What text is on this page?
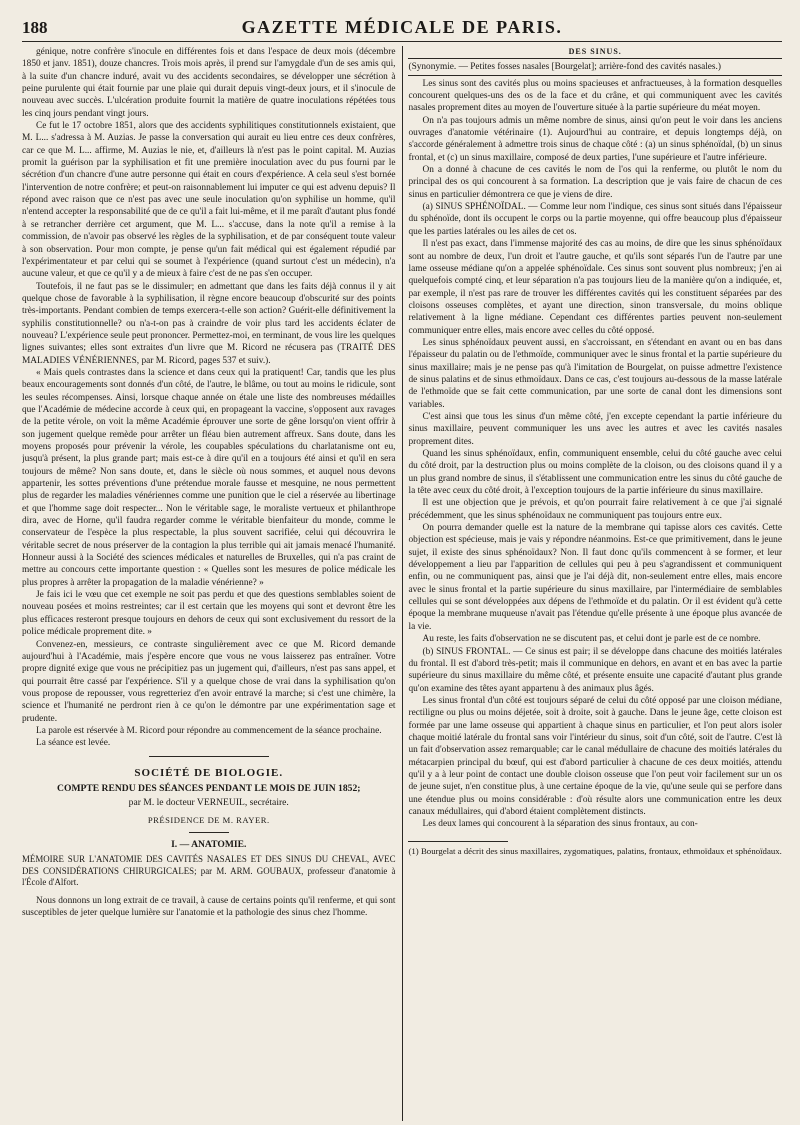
188	GAZETTE MÉDICALE DE PARIS.

génique, notre confrère s'inocule en différentes fois et dans l'espace de deux mois (décembre 1850 et janv. 1851), douze chancres. Trois mois après, il prend sur l'amygdale d'un de ses amis qui, à la suite d'un chancre induré, avait vu des accidents secondaires, se développer une sécrétion à peine purulente qui était fournie par une plaie qui durait depuis vingt-deux jours, et il s'inocule de nouveau avec succès. L'ulcération produite fournit la matière de quatre inoculations répétées tous les cinq jours pendant vingt jours.

Ce fut le 17 octobre 1851, alors que des accidents syphilitiques constitutionnels existaient, que M. L... s'adressa à M. Auzias. Je passe la conversation qui aurait eu lieu entre ces deux confrères, car ce que M. L... affirme, M. Auzias le nie, et, d'ailleurs là n'est pas le point capital. M. Auzias promit la guérison par la syphilisation et fit une première inoculation avec du pus fourni par le sécrétion d'un chancre d'une autre personne qui était en cours d'expérience. A cela seul s'est bornée l'intervention de notre confrère; et peut-on raisonnablement lui imputer ce qui est advenu depuis? Il répond avec raison que ce n'est pas avec une seule inoculation qu'on syphilise un homme, qu'il n'entend accepter la responsabilité que de ce qu'il a fait lui-même, et il me paraît d'autant plus fondé à se retrancher derrière cet argument, que M. L... s'accuse, dans la note qu'il a remise à la commission, de n'avoir pas observé les règles de la syphilisation, et de par conséquent toute valeur à son observation. Pour mon compte, je pense qu'un fait médical qui est également répudié par l'expérimentateur et par celui qui se soumet à l'expérience (quand surtout c'est un médecin), n'a aucune valeur, et que ce qu'il y a de mieux à faire c'est de ne pas s'en occuper.

Toutefois, il ne faut pas se le dissimuler; en admettant que dans les faits déjà connus il y ait quelque chose de favorable à la syphilisation, il règne encore beaucoup d'obscurité sur des points très-importants. Pendant combien de temps exercera-t-elle son action? Guérit-elle définitivement la syphilis constitutionnelle? ou n'a-t-on pas à craindre de voir plus tard les accidents éclater de nouveau? L'expérience seule peut prononcer. Permettez-moi, en terminant, de vous lire les quelques lignes suivantes; elles sont extraites d'un livre que M. Ricord ne récusera pas (TRAITÉ DES MALADIES VÉNÉRIENNES, par M. Ricord, pages 537 et suiv.).

« Mais quels contrastes dans la science et dans ceux qui la pratiquent! Car, tandis que les plus beaux encouragements sont donnés d'un côté, de l'autre, le blâme, ou tout au moins le ridicule, sont les seules récompenses. Ainsi, lorsque chaque année on étale une liste des nombreuses médailles que l'Académie de médecine accorde à ceux qui, en propageant la vaccine, s'opposent aux ravages de la petite vérole, on voit la même Académie éprouver une sorte de gêne lorsqu'on vient offrir à son jugement quelque remède pour arrêter un fléau bien autrement affreux. Sans doute, dans les moyens proposés pour prévenir la vérole, les coupables spéculations du charlatanisme ont eu, jusqu'à présent, la plus grande part; mais est-ce à dire qu'il en a toujours été ainsi et qu'il en sera toujours de même? Non sans doute, et, dans le siècle où nous sommes, et auquel nous devons appartenir, les sottes préventions d'une prétendue morale fausse et mesquine, ne nous permettent plus de regarder les maladies vénériennes comme une punition que le ciel a réservée au libertinage et que l'homme sage doit respecter... Non le véritable sage, le moraliste vertueux et philanthrope dira, avec de Horne, qu'il faudra regarder comme le véritable bienfaiteur du monde, comme le conservateur de l'espèce la plus respectable, la plus souvent sacrifiée, celui qui découvrira le véritable secret de nous préserver de la contagion la plus terrible qui ait jamais menacé l'humanité. Honneur aussi à la Société des sciences médicales et naturelles de Bruxelles, qui n'a pas craint de mettre au concours cette importante question : « Quelles sont les mesures de police médicale les plus propres à arrêter la propagation de la maladie vénérienne? »

Je fais ici le vœu que cet exemple ne soit pas perdu et que des questions semblables soient de nouveau posées et moins restreintes; car il est certain que les moyens qui sont et devront être les plus efficaces resteront presque toujours en dehors de ceux qui sont exclusivement du ressort de la police médicale proprement dite. »

Convenez-en, messieurs, ce contraste singulièrement avec ce que M. Ricord demande aujourd'hui à l'Académie, mais j'espère encore que vous ne vous laisserez pas entraîner. Votre propre dignité exige que vous ne précipitiez pas un jugement qui, d'ailleurs, n'est pas sans appel, et qui pourrait être cassé par l'expérience. S'il y a quelque chose de vrai dans la syphilisation qu'on vous propose de repousser, vous regretteriez d'en avoir entravé la marche; si c'est une chimère, la science et l'humanité ne perdront rien à ce qu'on le démontre par une expérimentation sage et prudente.

La parole est réservée à M. Ricord pour répondre au commencement de la séance prochaine.

La séance est levée.

SOCIÉTÉ DE BIOLOGIE.

COMPTE RENDU DES SÉANCES PENDANT LE MOIS DE JUIN 1852;

par M. le docteur VERNEUIL, secrétaire.

PRÉSIDENCE DE M. RAYER.

I. — ANATOMIE.

MÉMOIRE SUR L'ANATOMIE DES CAVITÉS NASALES ET DES SINUS DU CHEVAL, AVEC DES CONSIDÉRATIONS CHIRURGICALES; par M. ARM. GOUBAUX, professeur d'anatomie à l'École d'Alfort.

Nous donnons un long extrait de ce travail, à cause de certains points qu'il renferme, et qui sont susceptibles de jeter quelque lumière sur l'anatomie et la pathologie des sinus chez l'homme.

DES SINUS.

(Synonymie. — Petites fosses nasales [Bourgelat]; arrière-fond des cavités nasales.)

Les sinus sont des cavités plus ou moins spacieuses et anfractueuses, à la formation desquelles concourent quelques-uns des os de la face et du crâne, et qui communiquent avec les cavités nasales proprement dites au moyen de l'ouverture située à la partie supérieure du méat moyen.

On n'a pas toujours admis un même nombre de sinus, ainsi qu'on peut le voir dans les anciens ouvrages d'anatomie vétérinaire (1). Aujourd'hui au contraire, et depuis longtemps déjà, on s'accorde généralement à admettre trois sinus de chaque côté : (a) un sinus sphénoïdal, (b) un sinus frontal, et (c) un sinus maxillaire, composé de deux parties, l'une supérieure et l'autre inférieure.

On a donné à chacune de ces cavités le nom de l'os qui la renferme, ou plutôt le nom du principal des os qui concourent à sa formation. La description que je vais faire de chacun de ces sinus en particulier démontrera ce que je viens de dire.

(a) SINUS SPHÉNOÏDAL. — Comme leur nom l'indique, ces sinus sont situés dans l'épaisseur du sphénoïde, dont ils occupent le corps ou la partie moyenne, qui offre beaucoup plus d'épaisseur que les parties latérales ou les ailes de cet os.

Il n'est pas exact, dans l'immense majorité des cas au moins, de dire que les sinus sphénoïdaux sont au nombre de deux, l'un droit et l'autre gauche, et qu'ils sont séparés l'un de l'autre par une lame osseuse médiane qu'on a appelée sphénoïdale. Ces sinus sont souvent plus nombreux; j'en ai quelquefois compté cinq, et leur séparation n'a pas toujours lieu de la manière qu'on a indiquée, et, par exemple, il n'est pas rare de trouver les différentes cavités qui les constituent séparées par des cloisons osseuses complètes, et ayant une direction, sinon transversale, du moins oblique relativement à la ligne médiane. Cependant ces différentes parties peuvent non-seulement communiquer entre elles, mais encore avec celles du côté opposé.

Les sinus sphénoïdaux peuvent aussi, en s'accroissant, en s'étendant en avant ou en bas dans l'épaisseur du palatin ou de l'ethmoïde, communiquer avec le sinus frontal et la partie supérieure du sinus maxillaire; mais je ne pense pas qu'à l'imitation de Bourgelat, on puisse admettre l'existence de sinus palatins et de sinus ethmoïdaux. Dans ce cas, c'est toujours au-dessous de la masse latérale de l'ethmoïde que se fait cette communication, par une sorte de canal dont les dimensions sont variables.

C'est ainsi que tous les sinus d'un même côté, j'en excepte cependant la partie inférieure du sinus maxillaire, peuvent communiquer les uns avec les autres et avec les cavités nasales proprement dites.

Quand les sinus sphénoïdaux, enfin, communiquent ensemble, celui du côté gauche avec celui du côté droit, par la destruction plus ou moins complète de la cloison, ou des cloisons quand il y a un plus grand nombre de sinus, il s'établissent une communication entre les sinus du côté gauche de la tête avec ceux du côté droit, à l'exception toujours de la partie inférieure du sinus maxillaire.

Il est une objection que je prévois, et qu'on pourrait faire relativement à ce que j'ai signalé précédemment, que les sinus sphénoïdaux ne communiquent pas toujours entre eux.

On pourra demander quelle est la nature de la membrane qui tapisse alors ces cavités. Cette objection est spécieuse, mais je vais y répondre néanmoins. Est-ce que primitivement, dans le jeune sujet, il existe des sinus sphénoïdaux? Non. Il faut donc qu'ils commencent à se former, et leur développement a lieu par l'apparition de cellules qui peu à peu s'agrandissent et communiquent enfin, ou ne communiquent pas, ainsi que je l'ai déjà dit, non-seulement entre elles, mais encore avec le sinus frontal et la partie supérieure du sinus maxillaire, par l'intermédiaire de semblables cellules qui se sont développées aux dépens de l'ethmoïde et du palatin. Or il est évident qu'à cette époque la membrane muqueuse n'avait pas l'étendue qu'elle présente à une époque plus avancée de la vie.

Au reste, les faits d'observation ne se discutent pas, et celui dont je parle est de ce nombre.

(b) SINUS FRONTAL. — Ce sinus est pair; il se développe dans chacune des moitiés latérales du frontal. Il est d'abord très-petit; mais il communique en dehors, en avant et en bas avec la partie supérieure du sinus maxillaire du même côté, et présente ensuite une capacité d'autant plus grande qu'on examine des têtes ayant appartenu à des animaux plus âgés.

Les sinus frontal d'un côté est toujours séparé de celui du côté opposé par une cloison médiane, rectiligne ou plus ou moins déjetée, soit à droite, soit à gauche. Dans le jeune âge, cette cloison est formée par une lame osseuse qui appartient à chaque sinus en particulier, et l'on peut alors isoler chaque moitié latérale du frontal sans voir l'intérieur du sinus, soit d'un côté, soit de l'autre. C'est là un fait d'observation assez remarquable; car le canal médullaire de chacune des moitiés latérales du métacarpien principal du bœuf, qui est d'abord particulier à chacune de ces deux moitiés, attendu qu'il y a à leur point de contact une double cloison osseuse que l'on peut voir facilement sur un os de jeune sujet, n'en constitue plus, à une certaine époque de la vie, qu'une seule qui se perfore dans une étendue plus ou moins considérable : d'où résulte alors une communication entre les deux canaux médullaires, qui d'abord étaient complètement distincts.

Les deux lames qui concourent à la séparation des sinus frontaux, au con-

(1) Bourgelat a décrit des sinus maxillaires, zygomatiques, palatins, frontaux, ethmoïdaux et sphénoïdaux.
